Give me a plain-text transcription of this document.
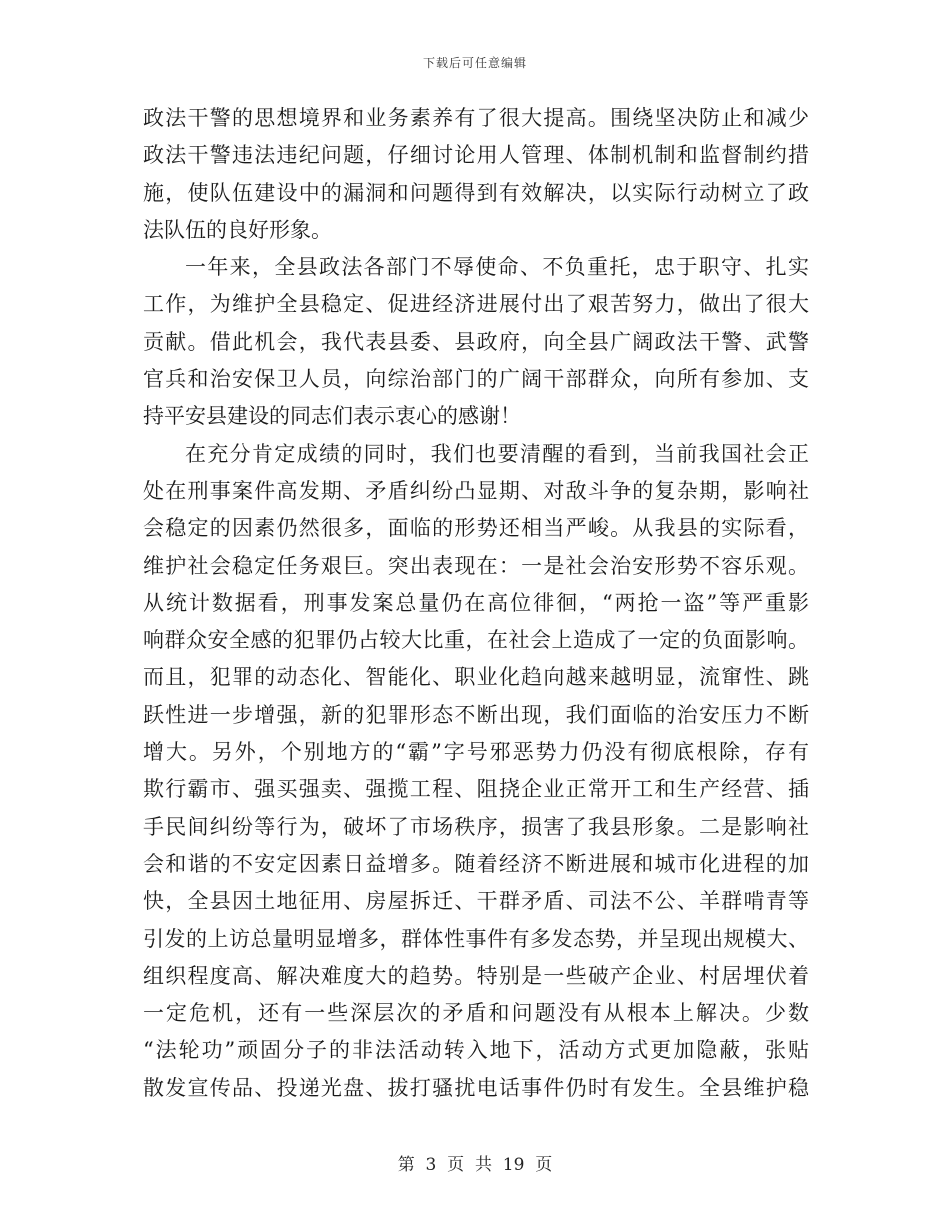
下载后可任意编辑
政法干警的思想境界和业务素养有了很大提高。围绕坚决防止和减少
政法干警违法违纪问题，仔细讨论用人管理、体制机制和监督制约措
施，使队伍建设中的漏洞和问题得到有效解决，以实际行动树立了政
法队伍的良好形象。
一年来，全县政法各部门不辱使命、不负重托，忠于职守、扎实
工作，为维护全县稳定、促进经济进展付出了艰苦努力，做出了很大
贡献。借此机会，我代表县委、县政府，向全县广阔政法干警、武警
官兵和治安保卫人员，向综治部门的广阔干部群众，向所有参加、支
持平安县建设的同志们表示衷心的感谢！
在充分肯定成绩的同时，我们也要清醒的看到，当前我国社会正
处在刑事案件高发期、矛盾纠纷凸显期、对敌斗争的复杂期，影响社
会稳定的因素仍然很多，面临的形势还相当严峻。从我县的实际看，
维护社会稳定任务艰巨。突出表现在：一是社会治安形势不容乐观。
从统计数据看，刑事发案总量仍在高位徘徊，“两抢一盗”等严重影
响群众安全感的犯罪仍占较大比重，在社会上造成了一定的负面影响。
而且，犯罪的动态化、智能化、职业化趋向越来越明显，流窜性、跳
跃性进一步增强，新的犯罪形态不断出现，我们面临的治安压力不断
增大。另外，个别地方的“霸”字号邪恶势力仍没有彻底根除，存有
欺行霸市、强买强卖、强揽工程、阻挠企业正常开工和生产经营、插
手民间纠纷等行为，破坏了市场秩序，损害了我县形象。二是影响社
会和谐的不安定因素日益增多。随着经济不断进展和城市化进程的加
快，全县因土地征用、房屋拆迁、干群矛盾、司法不公、羊群啃青等
引发的上访总量明显增多，群体性事件有多发态势，并呈现出规模大、
组织程度高、解决难度大的趋势。特别是一些破产企业、村居埋伏着
一定危机，还有一些深层次的矛盾和问题没有从根本上解决。少数
“法轮功”顽固分子的非法活动转入地下，活动方式更加隐蔽，张贴
散发宣传品、投递光盘、拔打骚扰电话事件仍时有发生。全县维护稳
第  3  页  共  19  页
